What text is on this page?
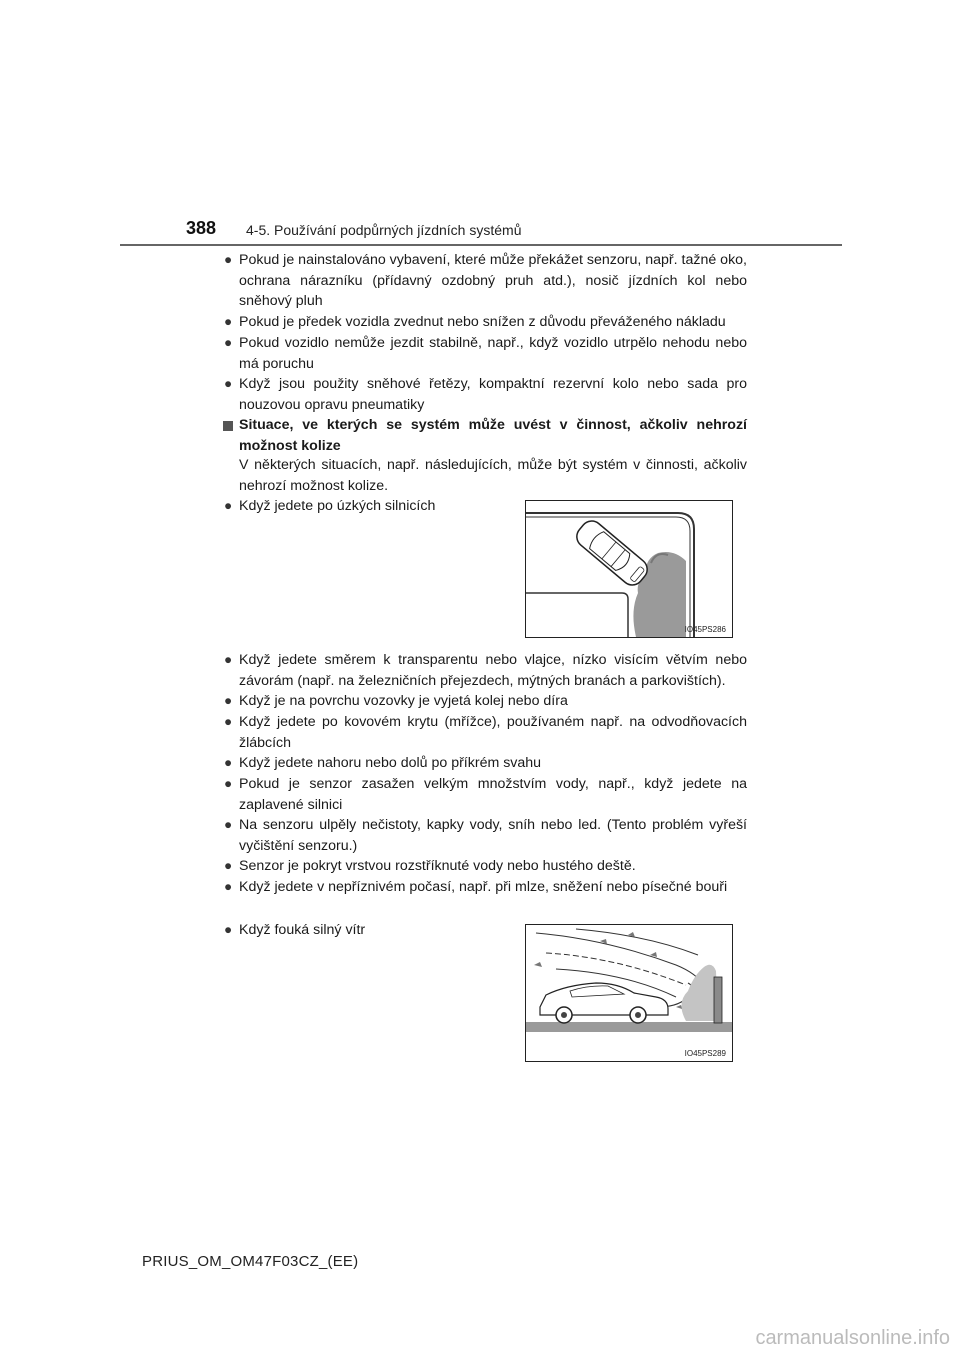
388 4-5. Používání podpůrných jízdních systémů
● Pokud je nainstalováno vybavení, které může překážet senzoru, např. tažné oko, ochrana nárazníku (přídavný ozdobný pruh atd.), nosič jízdních kol nebo sněhový pluh
● Pokud je předek vozidla zvednut nebo snížen z důvodu převáženého nákladu
● Pokud vozidlo nemůže jezdit stabilně, např., když vozidlo utrpělo nehodu nebo má poruchu
● Když jsou použity sněhové řetězy, kompaktní rezervní kolo nebo sada pro nouzovou opravu pneumatiky
Situace, ve kterých se systém může uvést v činnost, ačkoliv nehrozí možnost kolize
V některých situacích, např. následujících, může být systém v činnosti, ačkoliv nehrozí možnost kolize.
● Když jedete po úzkých silnicích
IO45PS286
● Když jedete směrem k transparentu nebo vlajce, nízko visícím větvím nebo závorám (např. na železničních přejezdech, mýtných branách a parkovištích).
● Když je na povrchu vozovky je vyjetá kolej nebo díra
● Když jedete po kovovém krytu (mřížce), používaném např. na odvodňovacích žlábcích
● Když jedete nahoru nebo dolů po příkrém svahu
● Pokud je senzor zasažen velkým množstvím vody, např., když jedete na zaplavené silnici
● Na senzoru ulpěly nečistoty, kapky vody, sníh nebo led. (Tento problém vyřeší vyčištění senzoru.)
● Senzor je pokryt vrstvou rozstříknuté vody nebo hustého deště.
● Když jedete v nepříznivém počasí, např. při mlze, sněžení nebo písečné bouři
● Když fouká silný vítr
IO45PS289
PRIUS_OM_OM47F03CZ_(EE)
carmanualsonline.info
